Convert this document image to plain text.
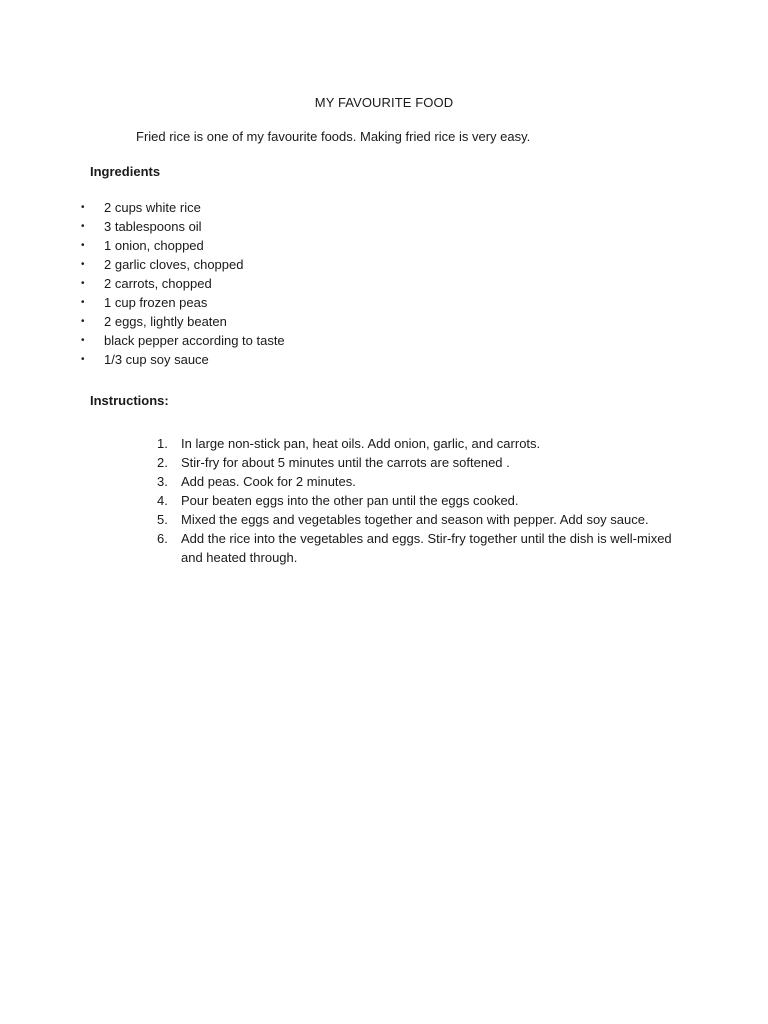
MY FAVOURITE FOOD
Fried rice is one of my favourite foods. Making fried rice is very easy.
Ingredients
• 2 cups white rice
• 3 tablespoons oil
• 1 onion, chopped
• 2 garlic cloves, chopped
• 2 carrots, chopped
• 1 cup frozen peas
• 2 eggs, lightly beaten
• black pepper according to taste
• 1/3 cup soy sauce
Instructions:
1. In large non-stick pan, heat oils. Add onion, garlic, and carrots.
2. Stir-fry for about 5 minutes until the carrots are softened .
3. Add peas. Cook for 2 minutes.
4. Pour beaten eggs into the other pan until the eggs cooked.
5. Mixed the eggs and vegetables together and season with pepper. Add soy sauce.
6. Add the rice into the vegetables and eggs. Stir-fry together until the dish is well-mixed and heated through.
